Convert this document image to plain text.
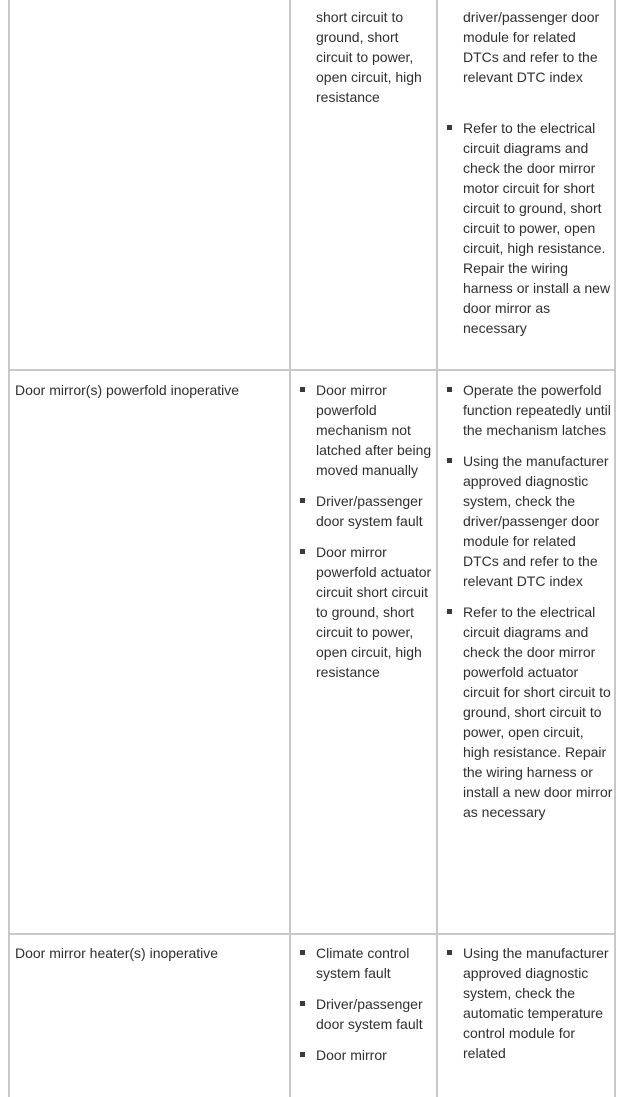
short circuit to ground, short circuit to power, open circuit, high resistance
driver/passenger door module for related DTCs and refer to the relevant DTC index
Refer to the electrical circuit diagrams and check the door mirror motor circuit for short circuit to ground, short circuit to power, open circuit, high resistance. Repair the wiring harness or install a new door mirror as necessary
Door mirror(s) powerfold inoperative	Door mirror powerfold mechanism not latched after being moved manually
Driver/passenger door system fault
Door mirror powerfold actuator circuit short circuit to ground, short circuit to power, open circuit, high resistance
Operate the powerfold function repeatedly until the mechanism latches
Using the manufacturer approved diagnostic system, check the driver/passenger door module for related DTCs and refer to the relevant DTC index
Refer to the electrical circuit diagrams and check the door mirror powerfold actuator circuit for short circuit to ground, short circuit to power, open circuit, high resistance. Repair the wiring harness or install a new door mirror as necessary
Door mirror heater(s) inoperative	Climate control system fault
Driver/passenger door system fault
Door mirror
Using the manufacturer approved diagnostic system, check the automatic temperature control module for related
